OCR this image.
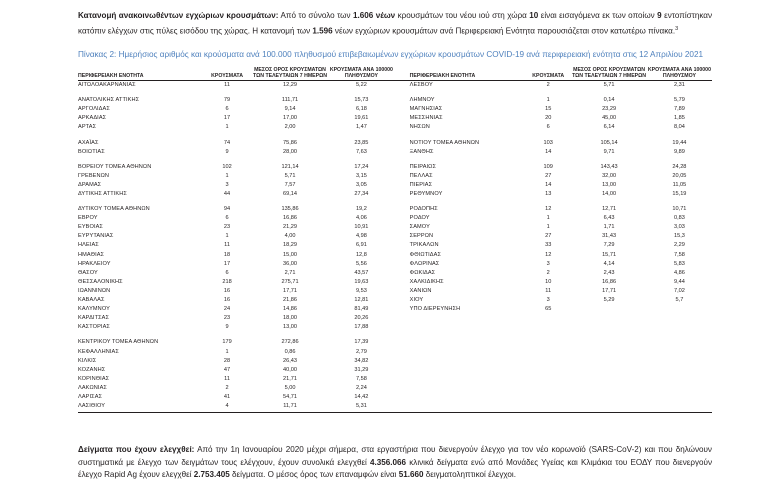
Κατανομή ανακοινωθέντων εγχώριων κρουσμάτων: Από το σύνολο των 1.606 νέων κρουσμάτων του νέου ιού στη χώρα 10 είναι εισαγόμενα εκ των οποίων 9 εντοπίστηκαν κατόπιν ελέγχων στις πύλες εισόδου της χώρας. Η κατανομή των 1.596 νέων εγχώριων κρουσμάτων ανά Περιφερειακή Ενότητα παρουσιάζεται στον κατωτέρω πίνακα.$^3$

Πίνακας 2: Ημερήσιος αριθμός και κρούσματα ανά 100.000 πληθυσμού επιβεβαιωμένων εγχώριων κρουσμάτων COVID-19 ανά περιφερειακή ενότητα στις 12 Απριλίου 2021
ΠΕΡΙΦΕΡΕΙΑΚΗ ΕΝΟΤΗΤΑ	ΚΡΟΥΣΜΑΤΑ	ΜΕΣΟΣ ΟΡΟΣ ΚΡΟΥΣΜΑΤΩΝ ΤΩΝ ΤΕΛΕΥΤΑΙΩΝ 7 ΗΜΕΡΩΝ	ΚΡΟΥΣΜΑΤΑ ΑΝΑ 100000 ΠΛΗΘΥΣΜΟΥ		ΠΕΡΙΦΕΡΕΙΑΚΗ ΕΝΟΤΗΤΑ	ΚΡΟΥΣΜΑΤΑ	ΜΕΣΟΣ ΟΡΟΣ ΚΡΟΥΣΜΑΤΩΝ ΤΩΝ ΤΕΛΕΥΤΑΙΩΝ 7 ΗΜΕΡΩΝ	ΚΡΟΥΣΜΑΤΑ ΑΝΑ 100000 ΠΛΗΘΥΣΜΟΥ
ΑΙΤΩΛΟΑΚΑΡΝΑΝΙΑΣ	11	12,29	5,22		ΛΕΣΒΟΥ	2	5,71	2,31

ΑΝΑΤΟΛΙΚΗΣ ΑΤΤΙΚΗΣ	79	111,71	15,73		ΛΗΜΝΟΥ	1	0,14	5,79
ΑΡΓΟΛΙΔΑΣ	6	9,14	6,18		ΜΑΓΝΗΣΙΑΣ	15	23,29	7,89
ΑΡΚΑΔΙΑΣ	17	17,00	19,61		ΜΕΣΣΗΝΙΑΣ	20	45,00	1,85
ΑΡΤΑΣ	1	2,00	1,47		ΝΗΣΩΝ	6	6,14	8,04

ΑΧΑΪΑΣ	74	75,86	23,85		ΝΟΤΙΟΥ ΤΟΜΕΑ ΑΘΗΝΩΝ	103	105,14	19,44
ΒΟΙΩΤΙΑΣ	9	28,00	7,63		ΞΑΝΘΗΣ	14	9,71	9,89

ΒΟΡΕΙΟΥ ΤΟΜΕΑ ΑΘΗΝΩΝ	102	121,14	17,24		ΠΕΙΡΑΙΩΣ	109	143,43	24,28
ΓΡΕΒΕΝΩΝ	1	5,71	3,15		ΠΕΛΛΑΣ	27	32,00	20,05
ΔΡΑΜΑΣ	3	7,57	3,05		ΠΙΕΡΙΑΣ	14	13,00	11,05
ΔΥΤΙΚΗΣ ΑΤΤΙΚΗΣ	44	69,14	27,34		ΡΕΘΥΜΝΟΥ	13	14,00	15,19

ΔΥΤΙΚΟΥ ΤΟΜΕΑ ΑΘΗΝΩΝ	94	135,86	19,2		ΡΟΔΟΠΗΣ	12	12,71	10,71
ΕΒΡΟΥ	6	16,86	4,06		ΡΟΔΟΥ	1	6,43	0,83
ΕΥΒΟΙΑΣ	23	21,29	10,91		ΣΑΜΟΥ	1	1,71	3,03
ΕΥΡΥΤΑΝΙΑΣ	1	4,00	4,98		ΣΕΡΡΩΝ	27	31,43	15,3
ΗΛΕΙΑΣ	11	18,29	6,91		ΤΡΙΚΑΛΩΝ	33	7,29	2,29
ΗΜΑΘΙΑΣ	18	15,00	12,8		ΦΘΙΩΤΙΔΑΣ	12	15,71	7,58
ΗΡΑΚΛΕΙΟΥ	17	36,00	5,56		ΦΛΩΡΙΝΑΣ	3	4,14	5,83
ΘΑΣΟΥ	6	2,71	43,57		ΦΩΚΙΔΑΣ	2	2,43	4,86
ΘΕΣΣΑΛΟΝΙΚΗΣ	218	275,71	19,63		ΧΑΛΚΙΔΙΚΗΣ	10	16,86	9,44
ΙΩΑΝΝΙΝΩΝ	16	17,71	9,53		ΧΑΝΙΩΝ	11	17,71	7,02
ΚΑΒΑΛΑΣ	16	21,86	12,81		ΧΙΟΥ	3	5,29	5,7
ΚΑΛΥΜΝΟΥ	24	14,86	81,49		ΥΠΟ ΔΙΕΡΕΥΝΗΣΗ	65		
ΚΑΡΔΙΤΣΑΣ	23	18,00	20,26					
ΚΑΣΤΟΡΙΑΣ	9	13,00	17,88					

ΚΕΝΤΡΙΚΟΥ ΤΟΜΕΑ ΑΘΗΝΩΝ	179	272,86	17,39					
ΚΕΦΑΛΛΗΝΙΑΣ	1	0,86	2,79					
ΚΙΛΚΙΣ	28	26,43	34,82					
ΚΟΖΑΝΗΣ	47	40,00	31,29					
ΚΟΡΙΝΘΙΑΣ	11	21,71	7,58					
ΛΑΚΩΝΙΑΣ	2	5,00	2,24					
ΛΑΡΙΣΑΣ	41	54,71	14,42					
ΛΑΣΙΘΙΟΥ	4	11,71	5,31					

Δείγματα που έχουν ελεγχθεί: Από την 1η Ιανουαρίου 2020 μέχρι σήμερα, στα εργαστήρια που διενεργούν έλεγχο για τον νέο κορωνοϊό (SARS-CoV-2) και που δηλώνουν συστηματικά με έλεγχο των δειγμάτων τους ελέγχουν, έχουν συνολικά ελεγχθεί 4.356.066 κλινικά δείγματα ενώ από Μονάδες Υγείας και Κλιμάκια του ΕΟΔΥ που διενεργούν έλεγχο Rapid Ag έχουν ελεγχθεί 2.753.405 δείγματα. Ο μέσος όρος των επαναμφών είναι 51.660 δειγματοληπτικοί έλεγχοι.
